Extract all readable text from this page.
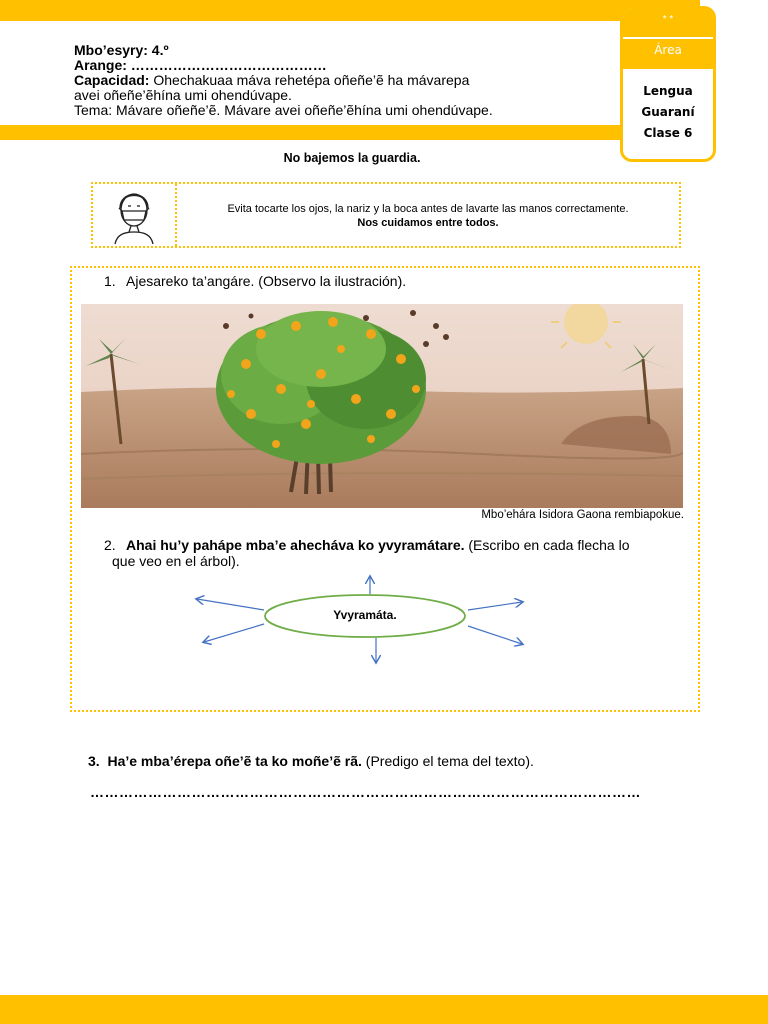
* *
Área
Lengua
Guaraní
Clase 6
Mbo’esyry: 4.º
Arange: ……………………………………
Capacidad: Ohechakuaa máva rehetépa oñeñe’ẽ ha mávarepa
avei oñeñe’ẽhína umi ohendúvape.
Tema: Mávare oñeñe’ẽ. Mávare avei oñeñe’ẽhína umi ohendúvape.
No bajemos la guardia.
Evita tocarte los ojos, la nariz y la boca antes de lavarte las manos correctamente.
Nos cuidamos entre todos.
1. Ajesareko ta’angáre. (Observo la ilustración).
Mbo’ehára Isidora Gaona rembiapokue.
2. Ahai hu’y pahápe mba’e ahecháva ko yvyramátare. (Escribo en cada flecha lo
que veo en el árbol).
Yvyramáta.
3. Ha’e mba’érepa oñe’ẽ ta ko moñe’ẽ rã. (Predigo el tema del texto).
……………………………………………………………………………………………………
